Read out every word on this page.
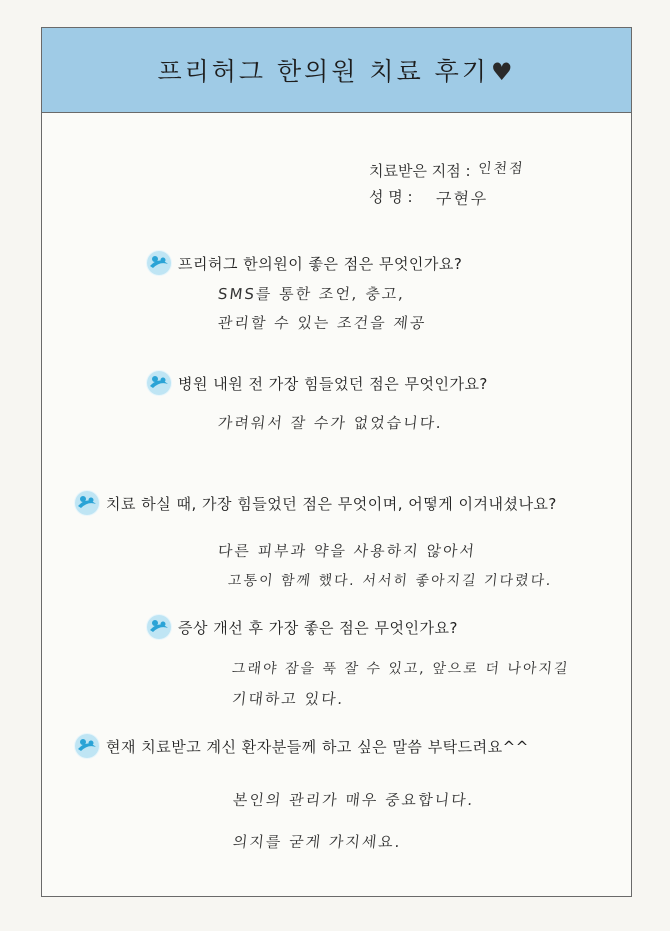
프리허그 한의원 치료 후기♥
치료받은 지점 : 인천점
성 명 : 구현우
프리허그 한의원이 좋은 점은 무엇인가요?
SMS를 통한 조언, 충고,
관리할 수 있는 조건을 제공
병원 내원 전 가장 힘들었던 점은 무엇인가요?
가려워서 잘 수가 없었습니다.
치료 하실 때, 가장 힘들었던 점은 무엇이며, 어떻게 이겨내셨나요?
다른 피부과 약을 사용하지 않아서
고통이 함께 했다. 서서히 좋아지길 기다렸다.
증상 개선 후 가장 좋은 점은 무엇인가요?
그래야 잠을 푹 잘 수 있고, 앞으로 더 나아지길
기대하고 있다.
현재 치료받고 계신 환자분들께 하고 싶은 말씀 부탁드려요^^
본인의 관리가 매우 중요합니다.
의지를 굳게 가지세요.
